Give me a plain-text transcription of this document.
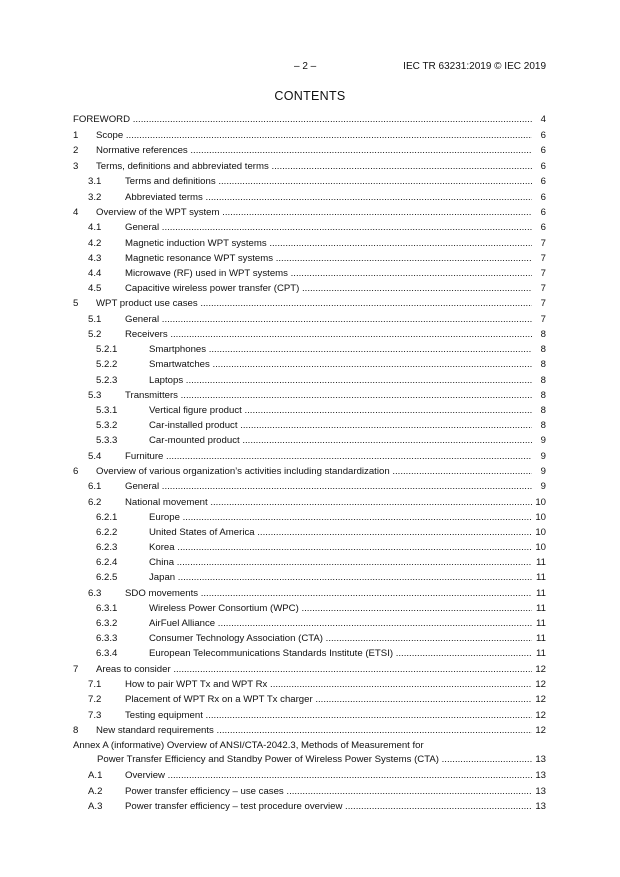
– 2 –	IEC TR 63231:2019 © IEC 2019
CONTENTS
FOREWORD .....	4
1 Scope .....	6
2 Normative references .....	6
3 Terms, definitions and abbreviated terms .....	6
3.1 Terms and definitions .....	6
3.2 Abbreviated terms .....	6
4 Overview of the WPT system .....	6
4.1 General .....	6
4.2 Magnetic induction WPT systems .....	7
4.3 Magnetic resonance WPT systems .....	7
4.4 Microwave (RF) used in WPT systems .....	7
4.5 Capacitive wireless power transfer (CPT) .....	7
5 WPT product use cases .....	7
5.1 General .....	7
5.2 Receivers .....	8
5.2.1	Smartphones .....	8
5.2.2	Smartwatches .....	8
5.2.3	Laptops .....	8
5.3 Transmitters .....	8
5.3.1	Vertical figure product .....	8
5.3.2	Car-installed product .....	8
5.3.3	Car-mounted product .....	9
5.4 Furniture .....	9
6 Overview of various organization’s activities including standardization .....	9
6.1 General .....	9
6.2 National movement .....	10
6.2.1	Europe .....	10
6.2.2	United States of America .....	10
6.2.3	Korea .....	10
6.2.4	China .....	11
6.2.5	Japan .....	11
6.3 SDO movements .....	11
6.3.1	Wireless Power Consortium (WPC) .....	11
6.3.2	AirFuel Alliance .....	11
6.3.3	Consumer Technology Association (CTA) .....	11
6.3.4	European Telecommunications Standards Institute (ETSI) .....	11
7 Areas to consider .....	12
7.1 How to pair WPT Tx and WPT Rx .....	12
7.2 Placement of WPT Rx on a WPT Tx charger .....	12
7.3 Testing equipment .....	12
8 New standard requirements .....	12
Annex A (informative) Overview of ANSI/CTA-2042.3, Methods of Measurement for
Power Transfer Efficiency and Standby Power of Wireless Power Systems (CTA) .....	13
A.1 Overview .....	13
A.2 Power transfer efficiency – use cases .....	13
A.3 Power transfer efficiency – test procedure overview .....	13
